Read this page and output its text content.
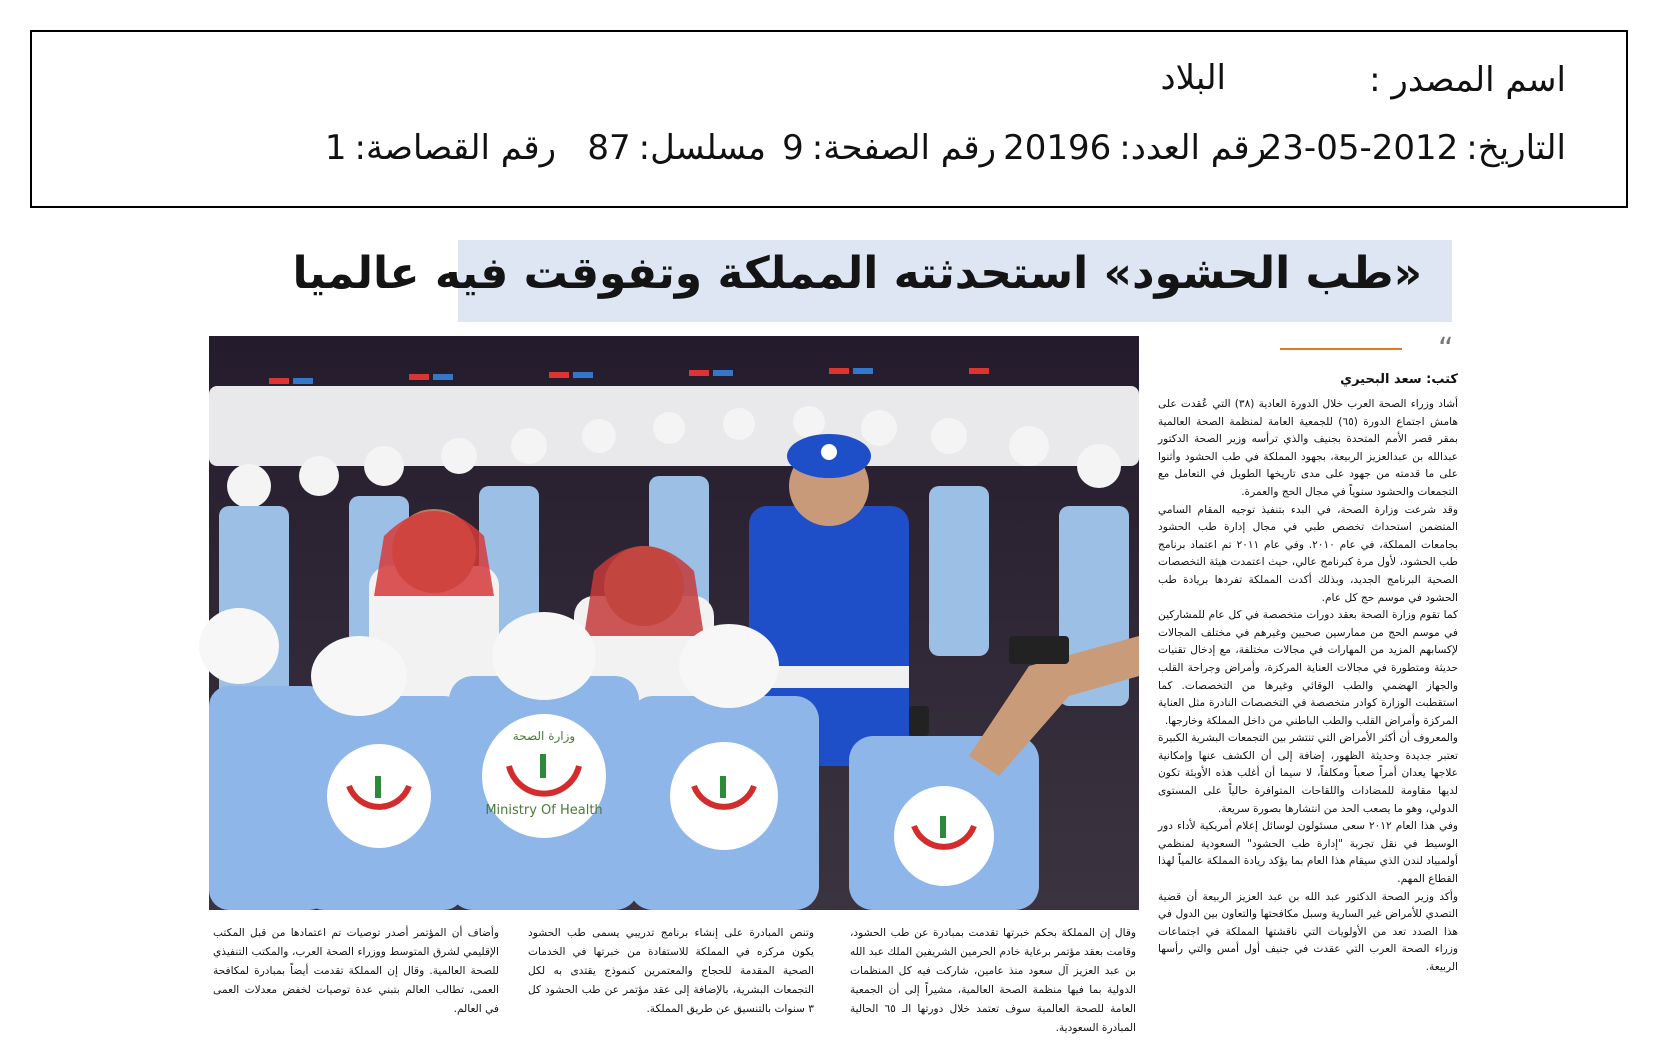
اسم المصدر :
البلاد
التاريخ:2012-05-23
رقم العدد:20196
رقم الصفحة:9
مسلسل:87
رقم القصاصة:1
«طب الحشود» استحدثته المملكة وتفوقت فيه عالميا
Ministry Of Health
وزارة الصحة
“
كتب: سعد البحيري

أشاد وزراء الصحة العرب خلال الدورة العادية (٣٨) التي عُقدت على هامش اجتماع الدورة (٦٥) للجمعية العامة لمنظمة الصحة العالمية بمقر قصر الأمم المتحدة بجنيف والذي ترأسه وزير الصحة الدكتور عبدالله بن عبدالعزيز الربيعة، بجهود المملكة في طب الحشود وأثنوا على ما قدمته من جهود على مدى تاريخها الطويل في التعامل مع التجمعات والحشود سنوياً في مجال الحج والعمرة.

وقد شرعت وزارة الصحة، في البدء بتنفيذ توجيه المقام السامي المتضمن استحداث تخصص طبي في مجال إدارة طب الحشود بجامعات المملكة، في عام ٢٠١٠. وفي عام ٢٠١١ تم اعتماد برنامج طب الحشود، لأول مرة كبرنامج عالي، حيث اعتمدت هيئة التخصصات الصحية البرنامج الجديد، وبذلك أكدت المملكة تفردها بريادة طب الحشود في موسم حج كل عام.

كما تقوم وزارة الصحة بعقد دورات متخصصة في كل عام للمشاركين في موسم الحج من ممارسين صحيين وغيرهم في مختلف المجالات لإكسابهم المزيد من المهارات في مجالات مختلفة، مع إدخال تقنيات حديثة ومتطورة في مجالات العناية المركزة، وأمراض وجراحة القلب والجهاز الهضمي والطب الوقائي وغيرها من التخصصات. كما استقطبت الوزارة كوادر متخصصة في التخصصات النادرة مثل العناية المركزة وأمراض القلب والطب الباطني من داخل المملكة وخارجها.

والمعروف أن أكثر الأمراض التي تنتشر بين التجمعات البشرية الكبيرة تعتبر جديدة وحديثة الظهور، إضافة إلى أن الكشف عنها وإمكانية علاجها يعدان أمراً صعباً ومكلفاً، لا سيما أن أغلب هذه الأوبئة تكون لديها مقاومة للمضادات واللقاحات المتوافرة حالياً على المستوى الدولي، وهو ما يصعب الحد من انتشارها بصورة سريعة.

وفي هذا العام ٢٠١٢ سعى مسئولون لوسائل إعلام أمريكية لأداء دور الوسيط في نقل تجربة "إدارة طب الحشود" السعودية لمنظمي أولمبياد لندن الذي سيقام هذا العام بما يؤكد ريادة المملكة عالمياً لهذا القطاع المهم.

وأكد وزير الصحة الدكتور عبد الله بن عبد العزيز الربيعة أن قضية التصدي للأمراض غير السارية وسبل مكافحتها والتعاون بين الدول في هذا الصدد تعد من الأولويات التي ناقشتها المملكة في اجتماعات وزراء الصحة العرب التي عقدت في جنيف أول أمس والتي رأسها الربيعة.

وقال إن المملكة بحكم خبرتها تقدمت بمبادرة عن طب الحشود، وقامت بعقد مؤتمر برعاية خادم الحرمين الشريفين الملك عبد الله بن عبد العزيز آل سعود منذ عامين، شاركت فيه كل المنظمات الدولية بما فيها منظمة الصحة العالمية، مشيراً إلى أن الجمعية العامة للصحة العالمية سوف تعتمد خلال دورتها الـ ٦٥ الحالية المبادرة السعودية.
وتنص المبادرة على إنشاء برنامج تدريبي يسمى طب الحشود يكون مركزه في المملكة للاستفادة من خبرتها في الخدمات الصحية المقدمة للحجاج والمعتمرين كنموذج يقتدى به لكل التجمعات البشرية، بالإضافة إلى عقد مؤتمر عن طب الحشود كل ٣ سنوات بالتنسيق عن طريق المملكة.
وأضاف أن المؤتمر أصدر توصيات تم اعتمادها من قبل المكتب الإقليمي لشرق المتوسط ووزراء الصحة العرب، والمكتب التنفيذي للصحة العالمية. وقال إن المملكة تقدمت أيضاً بمبادرة لمكافحة العمى، تطالب العالم بتبني عدة توصيات لخفض معدلات العمى في العالم.
